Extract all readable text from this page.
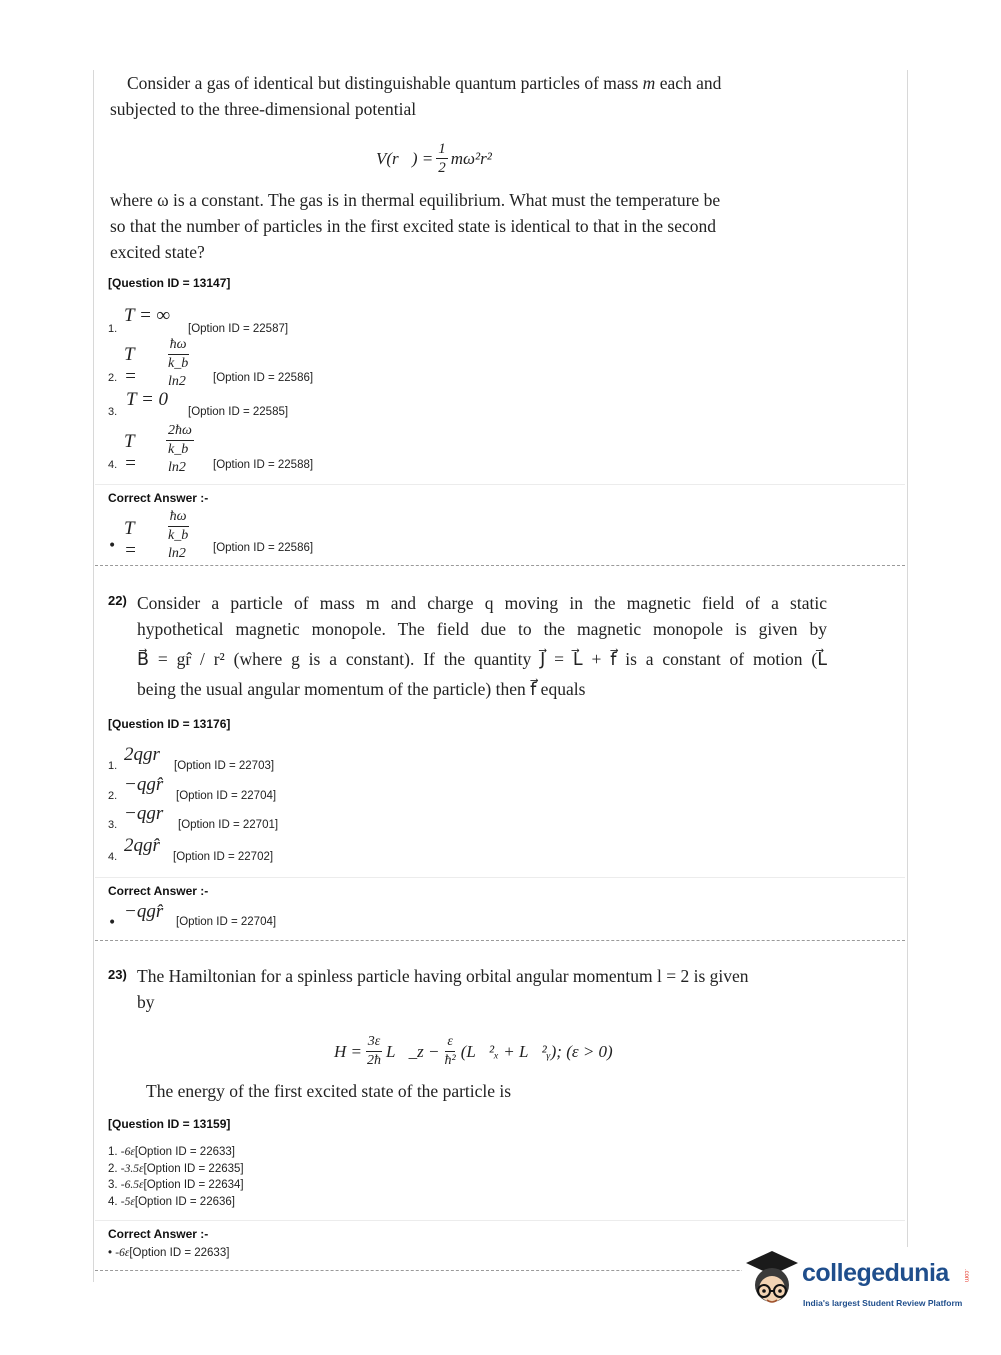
Consider a gas of identical but distinguishable quantum particles of mass m each and
subjected to the three-dimensional potential
V(r⃗) = $\frac{1}{2} m\omega^2r^2$
where ω is a constant. The gas is in thermal equilibrium. What must the temperature be
so that the number of particles in the first excited state is identical to that in the second
excited state?
[Question ID = 13147]
1.
T = ∞
[Option ID = 22587]
2.
$T = \frac{ħ\omega}{\text{k\_b ln2}}$ [Option ID = 22586]
3.
T = 0
[Option ID = 22585]
4.
$T = \frac{2ħ\omega}{\text{k\_b ln2}}$ [Option ID = 22588]
Correct Answer :-
•
$T = \frac{ħ\omega}{\text{k\_b ln2}}$ [Option ID = 22586]
22) Consider a particle of mass m and charge q moving in the magnetic field of a static
hypothetical magnetic monopole. The field due to the magnetic monopole is given by
B⃗ = gr̂ / r² (where g is a constant). If the quantity J⃗ = L⃗ + f⃗ is a constant of motion (L⃗
being the usual angular momentum of the particle) then f⃗ equals
[Question ID = 13176]
1.
2qgr⃗
[Option ID = 22703]
2.
−qgr̂
[Option ID = 22704]
3.
−qgr⃗
[Option ID = 22701]
4.
2qgr̂
[Option ID = 22702]
Correct Answer :-
•
−qgr̂ [Option ID = 22704]
23) The Hamiltonian for a spinless particle having orbital angular momentum l = 2 is given
by
$H = \frac{3\varepsilon}{2ħ}$ L⃗_z − $\frac{\varepsilon}{\text{ħ²}}$ (L⃗²ₓ + L⃗²ᵧ); (ε > 0)
The energy of the first excited state of the particle is
[Question ID = 13159]
1. -6ε[Option ID = 22633]
2. -3.5ε[Option ID = 22635]
3. -6.5ε[Option ID = 22634]
4. -5ε[Option ID = 22636]
Correct Answer :-
• -6ε[Option ID = 22633]
collegedunia .com
India's largest Student Review Platform
